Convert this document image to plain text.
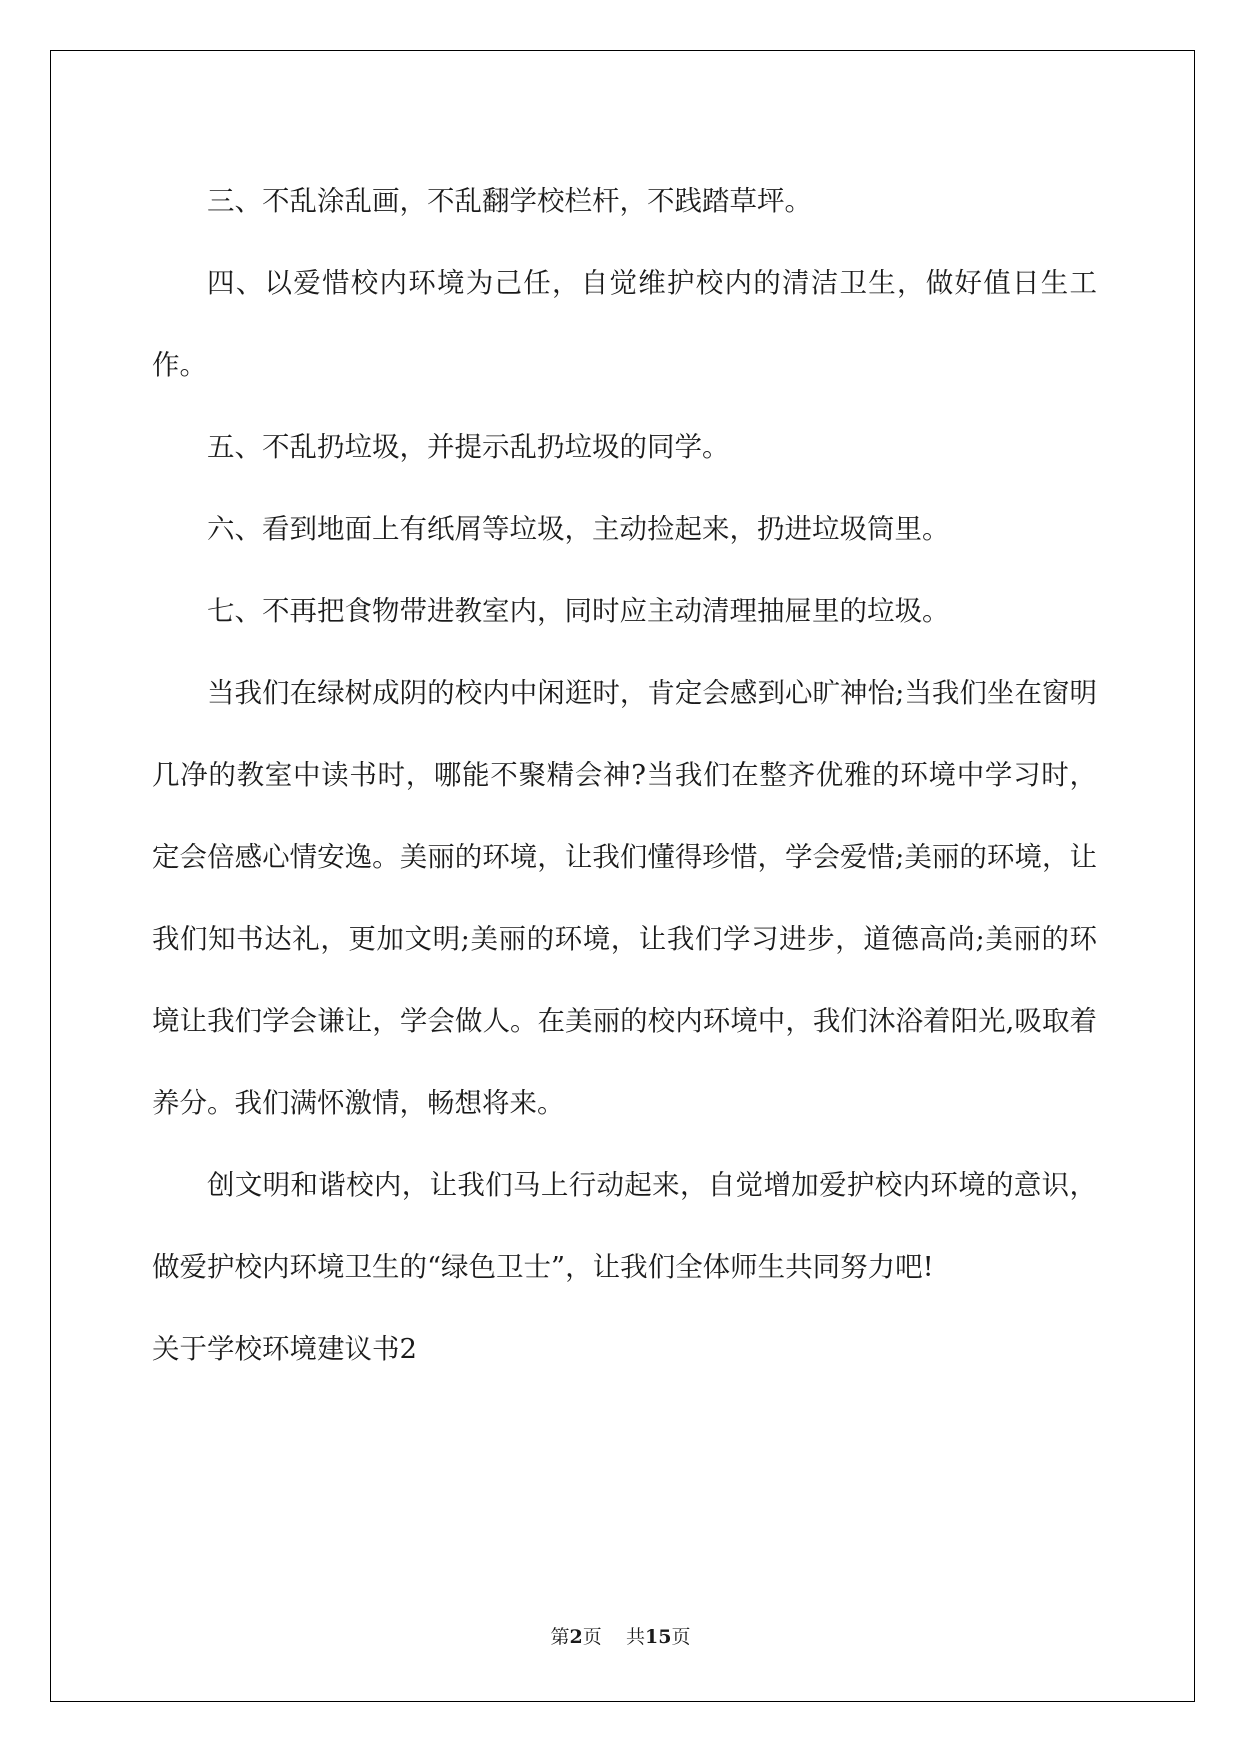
三、不乱涂乱画，不乱翻学校栏杆，不践踏草坪。

四、以爱惜校内环境为己任，自觉维护校内的清洁卫生，做好值日生工作。

五、不乱扔垃圾，并提示乱扔垃圾的同学。

六、看到地面上有纸屑等垃圾，主动捡起来，扔进垃圾筒里。

七、不再把食物带进教室内，同时应主动清理抽屉里的垃圾。

当我们在绿树成阴的校内中闲逛时，肯定会感到心旷神怡;当我们坐在窗明几净的教室中读书时，哪能不聚精会神?当我们在整齐优雅的环境中学习时，定会倍感心情安逸。美丽的环境，让我们懂得珍惜，学会爱惜;美丽的环境，让我们知书达礼，更加文明;美丽的环境，让我们学习进步，道德高尚;美丽的环境让我们学会谦让，学会做人。在美丽的校内环境中，我们沐浴着阳光,吸取着养分。我们满怀激情，畅想将来。

创文明和谐校内，让我们马上行动起来，自觉增加爱护校内环境的意识，做爱护校内环境卫生的“绿色卫士”，让我们全体师生共同努力吧!

关于学校环境建议书2

第2页 共15页
